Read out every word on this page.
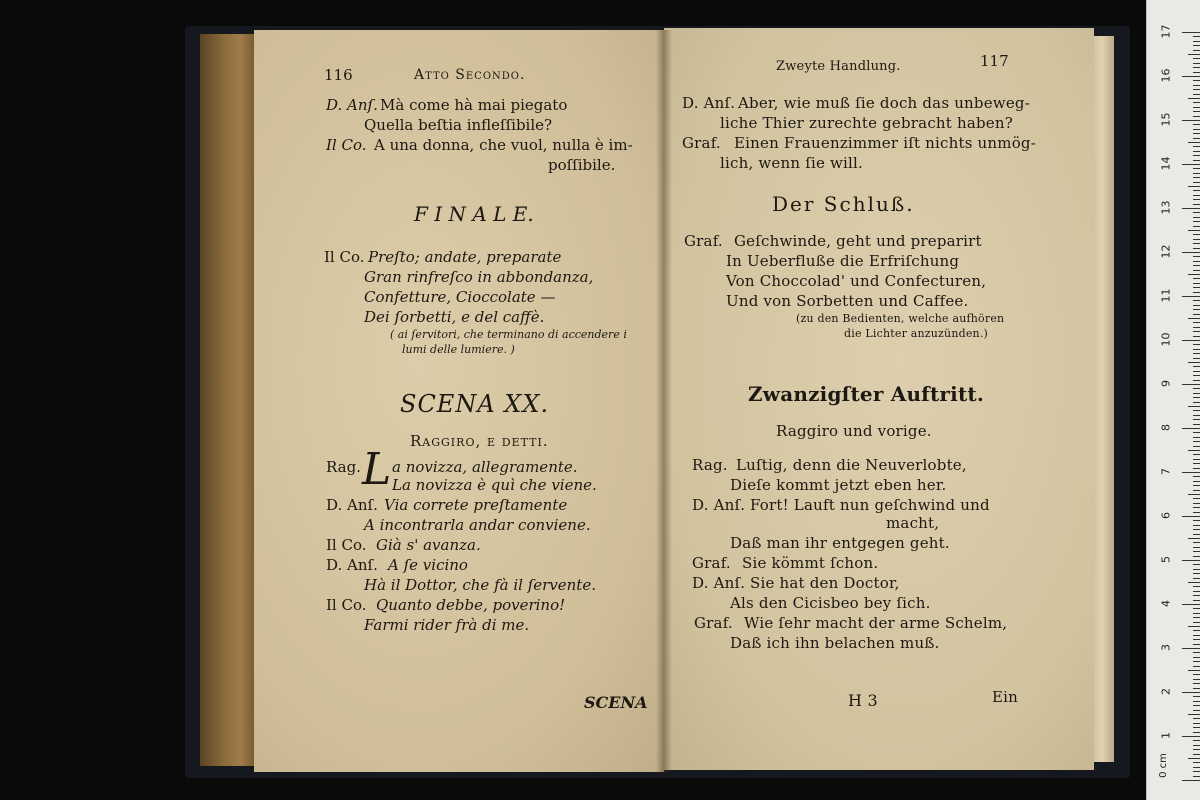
116	Atto Secondo.
D. Anſ. Mà come hà mai piegato
Quella beſtia infleſſibile?
Il Co. A una donna, che vuol, nulla è im-
poſſibile.
F I N A L E.
Il Co. Preſto; andate, preparate
Gran rinfreſco in abbondanza,
Confetture, Cioccolate —
Dei ſorbetti, e del caffè.
( ai ſervitori, che terminano di accendere i
lumi delle lumiere. )
SCENA XX.
Raggiro, e detti.
Rag. L a novizza, allegramente.
La novizza è quì che viene.
D. Anſ. Via correte preſtamente
A incontrarla andar conviene.
Il Co. Già s' avanza.
D. Anſ. A ſe vicino
Hà il Dottor, che fà il ſervente.
Il Co. Quanto debbe, poverino!
Farmi rider frà di me.
SCENA
Zweyte Handlung.	117
D. Anſ. Aber, wie muß ſie doch das unbeweg-
liche Thier zurechte gebracht haben?
Graf. Einen Frauenzimmer iſt nichts unmög-
lich, wenn ſie will.
Der Schluß.
Graf. Geſchwinde, geht und preparirt
In Ueberfluße die Erfriſchung
Von Choccolad' und Confecturen,
Und von Sorbetten und Caffee.
(zu den Bedienten, welche aufhören
die Lichter anzuzünden.)
Zwanzigſter Auftritt.
Raggiro und vorige.
Rag. Luſtig, denn die Neuverlobte,
Dieſe kommt jetzt eben her.
D. Anſ. Fort! Lauft nun geſchwind und
macht,
Daß man ihr entgegen geht.
Graf. Sie kömmt ſchon.
D. Anſ. Sie hat den Doctor,
Als den Cicisbeo bey ſich.
Graf. Wie ſehr macht der arme Schelm,
Daß ich ihn belachen muß.
H 3	Ein
1
2
3
4
5
6
7
8
9
10
11
12
13
14
15
16
17
0 cm
